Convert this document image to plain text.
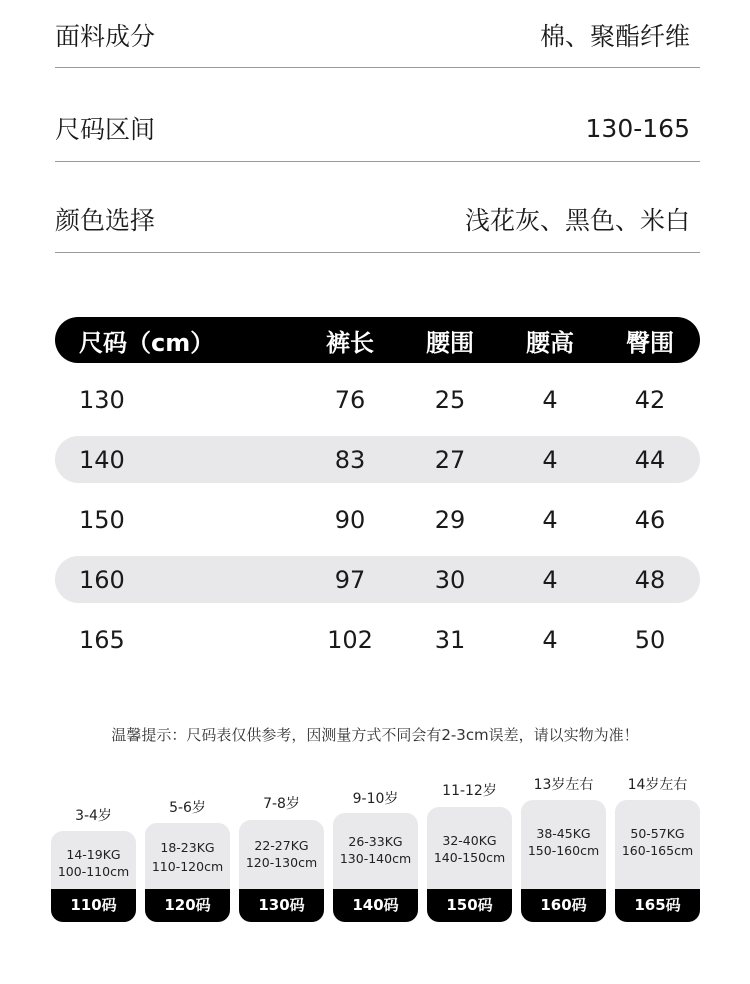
面料成分	棉、聚酯纤维
尺码区间	130-165
颜色选择	浅花灰、黑色、米白
尺码（cm）	裤长	腰围	腰高	臀围
130	76	25	4	42
140	83	27	4	44
150	90	29	4	46
160	97	30	4	48
165	102	31	4	50
温馨提示：尺码表仅供参考，因测量方式不同会有2-3cm误差，请以实物为准！
3-4岁
14-19KG
100-110cm
110码
5-6岁
18-23KG
110-120cm
120码
7-8岁
22-27KG
120-130cm
130码
9-10岁
26-33KG
130-140cm
140码
11-12岁
32-40KG
140-150cm
150码
13岁左右
38-45KG
150-160cm
160码
14岁左右
50-57KG
160-165cm
165码
